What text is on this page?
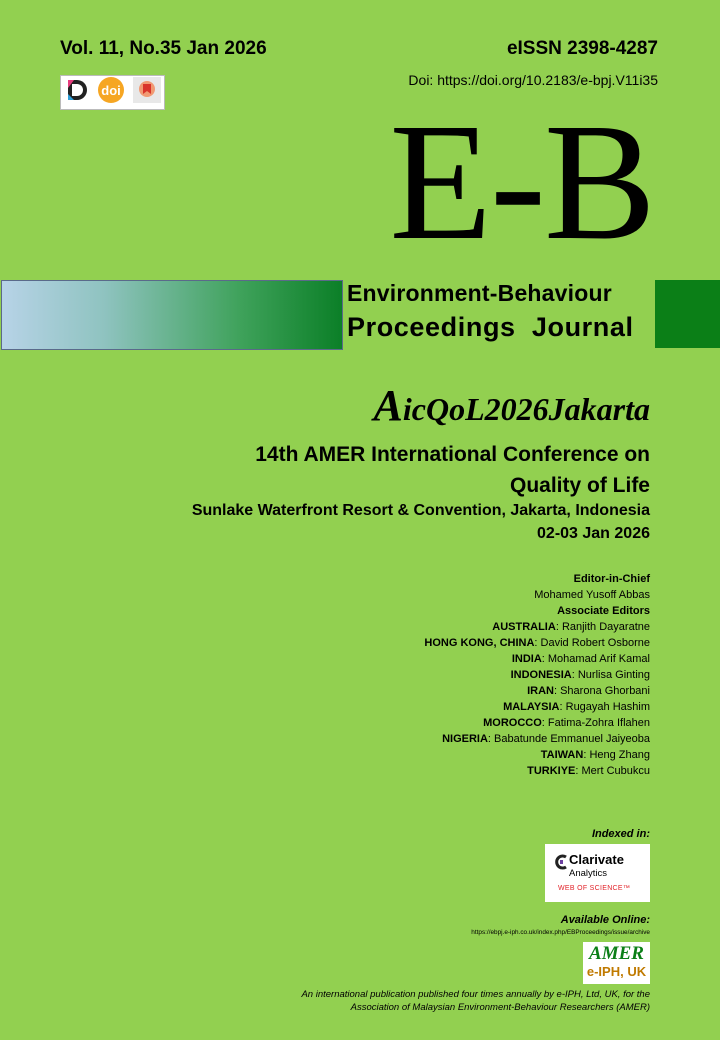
Vol. 11, No.35 Jan 2026	eISSN 2398-4287
Doi: https://doi.org/10.2183/e-bpj.V11i35
doi E-B
Environment-Behaviour
Proceedings  Journal
AicQoL2026Jakarta
14th AMER International Conference on
Quality of Life
Sunlake Waterfront Resort & Convention, Jakarta, Indonesia
02-03 Jan 2026
Editor-in-Chief
Mohamed Yusoff Abbas
Associate Editors
AUSTRALIA: Ranjith Dayaratne
HONG KONG, CHINA: David Robert Osborne
INDIA: Mohamad Arif Kamal
INDONESIA: Nurlisa Ginting
IRAN: Sharona Ghorbani
MALAYSIA: Rugayah Hashim
MOROCCO: Fatima-Zohra Iflahen
NIGERIA: Babatunde Emmanuel Jaiyeoba
TAIWAN: Heng Zhang
TURKIYE: Mert Cubukcu
Indexed in:
Clarivate
Analytics
WEB OF SCIENCE™
Available Online:
https://ebpj.e-iph.co.uk/index.php/EBProceedings/issue/archive
AMER
e-IPH, UK
An international publication published four times annually by e-IPH, Ltd, UK, for the
Association of Malaysian Environment-Behaviour Researchers (AMER)
